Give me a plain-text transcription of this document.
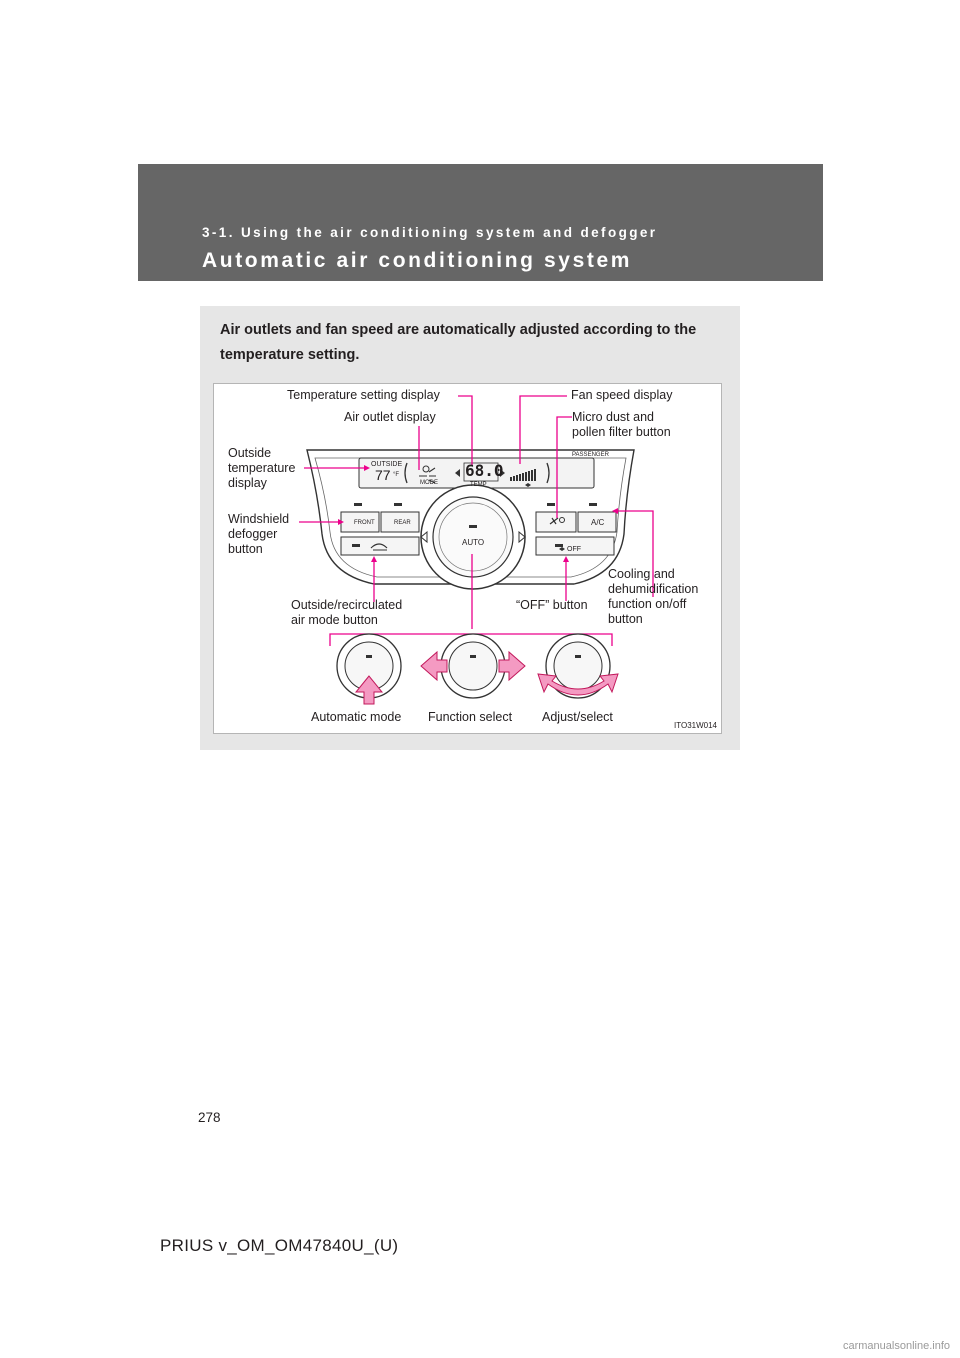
3-1. Using the air conditioning system and defogger
Automatic air conditioning system
Air outlets and fan speed are automatically adjusted according to the temperature setting.
OUTSIDE
77 °F
MODE
68.0
TEMP
PASSENGER
FRONT	REAR
AUTO
A/C
OFF
Temperature setting display	Fan speed display
Air outlet display	Micro dust and
pollen filter button
Outside
temperature
display
Windshield
defogger
button
Cooling and
dehumidification
function on/off
button
Outside/recirculated
air mode button
“OFF” button
Automatic mode Function select Adjust/select
ITO31W014
278
PRIUS v_OM_OM47840U_(U)
carmanualsonline.info
